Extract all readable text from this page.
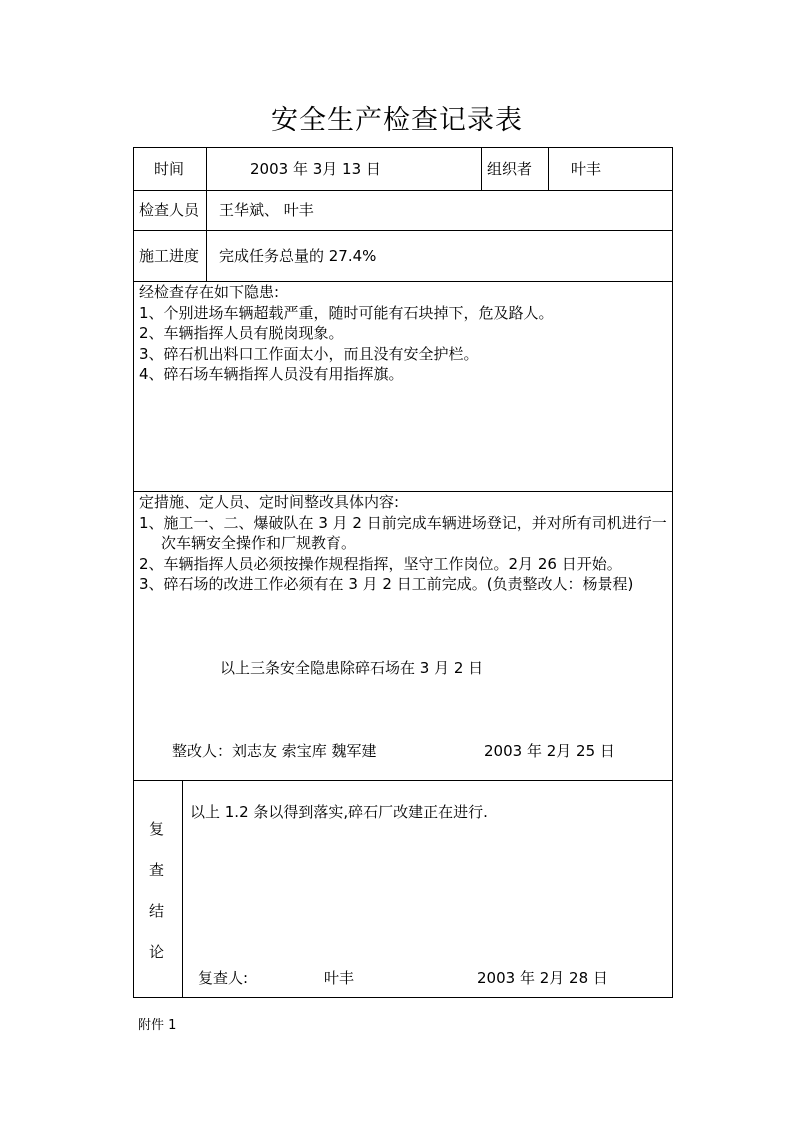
安全生产检查记录表
时间	2003 年 3月 13 日	组织者	叶丰
检查人员 王华斌、 叶丰
施工进度 完成任务总量的 27.4%
经检查存在如下隐患:
1、个别进场车辆超载严重，随时可能有石块掉下，危及路人。
2、车辆指挥人员有脱岗现象。
3、碎石机出料口工作面太小，而且没有安全护栏。
4、碎石场车辆指挥人员没有用指挥旗。
定措施、定人员、定时间整改具体内容:
1、施工一、二、爆破队在 3 月 2 日前完成车辆进场登记，并对所有司机进行一次车辆安全操作和厂规教育。
2、车辆指挥人员必须按操作规程指挥，坚守工作岗位。2月 26 日开始。
3、碎石场的改进工作必须有在 3 月 2 日工前完成。(负责整改人：杨景程)
以上三条安全隐患除碎石场在 3 月 2 日
整改人：刘志友 索宝库 魏军建	2003 年 2月 25 日
复
查
结
论
以上 1.2 条以得到落实,碎石厂改建正在进行.
复查人:	叶丰	2003 年 2月 28 日
附件 1
